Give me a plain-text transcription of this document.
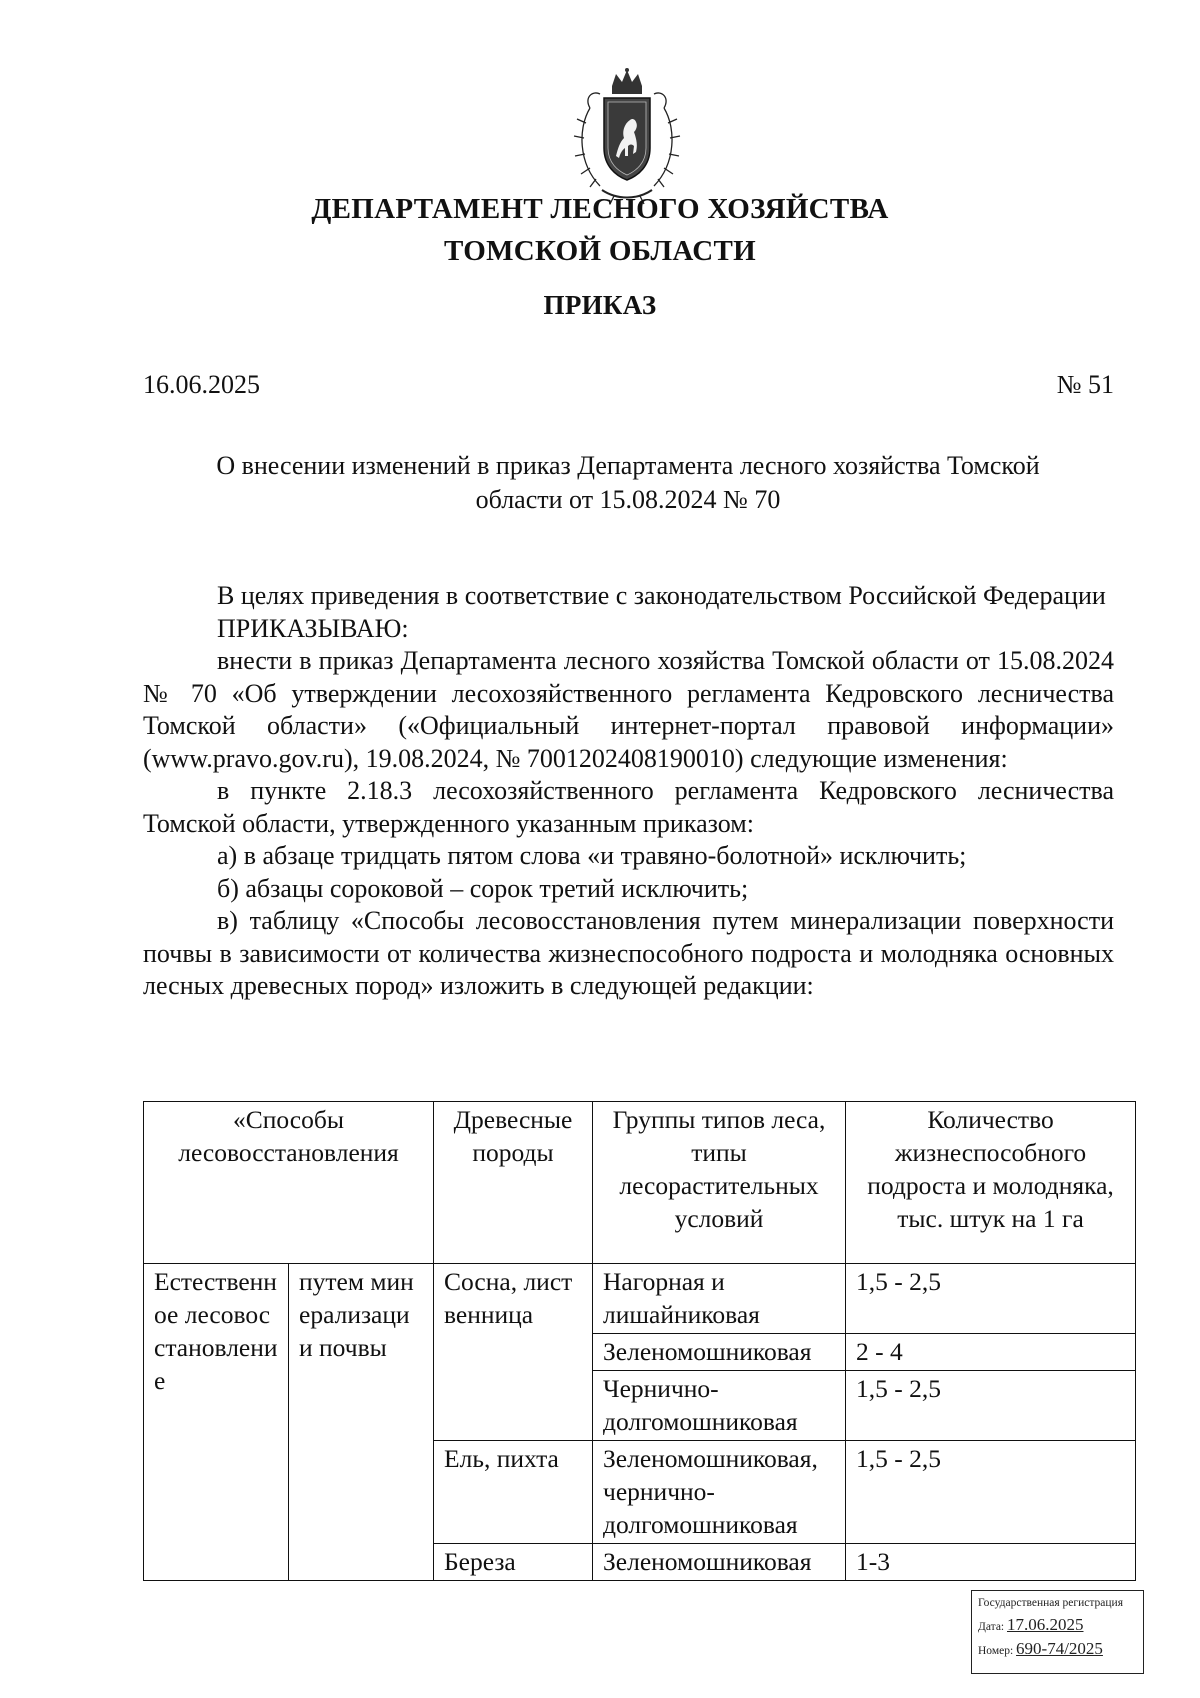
ДЕПАРТАМЕНТ ЛЕСНОГО ХОЗЯЙСТВА
ТОМСКОЙ ОБЛАСТИ
ПРИКАЗ
16.06.2025	№ 51
О внесении изменений в приказ Департамента лесного хозяйства Томской
области от 15.08.2024 № 70

В целях приведения в соответствие с законодательством Российской Федерации

ПРИКАЗЫВАЮ:

внести в приказ Департамента лесного хозяйства Томской области от 15.08.2024 № 70 «Об утверждении лесохозяйственного регламента Кедровского лесничества Томской области» («Официальный интернет-портал правовой информации» (www.pravo.gov.ru), 19.08.2024, № 7001202408190010) следующие изменения:

в пункте 2.18.3 лесохозяйственного регламента Кедровского лесничества Томской области, утвержденного указанным приказом:

а) в абзаце тридцать пятом слова «и травяно-болотной» исключить;

б) абзацы сороковой – сорок третий исключить;

в) таблицу «Способы лесовосстановления путем минерализации поверхности почвы в зависимости от количества жизнеспособного подроста и молодняка основных лесных древесных пород» изложить в следующей редакции:

«Способы лесовосстановления		Древесные породы	Группы типов леса, типы лесорастительных условий	Количество жизнеспособного подроста и молодняка, тыс. штук на 1 га
Естественное лесовосстановление	путем минерализации почвы	Сосна, лиственница	Нагорная и лишайниковая	1,5 - 2,5
			Зеленомошниковая	2 - 4
			Чернично-долгомошниковая	1,5 - 2,5
		Ель, пихта	Зеленомошниковая, чернично-долгомошниковая	1,5 - 2,5
		Береза	Зеленомошниковая	1-3
Государственная регистрация
Дата: 17.06.2025
Номер: 690-74/2025
